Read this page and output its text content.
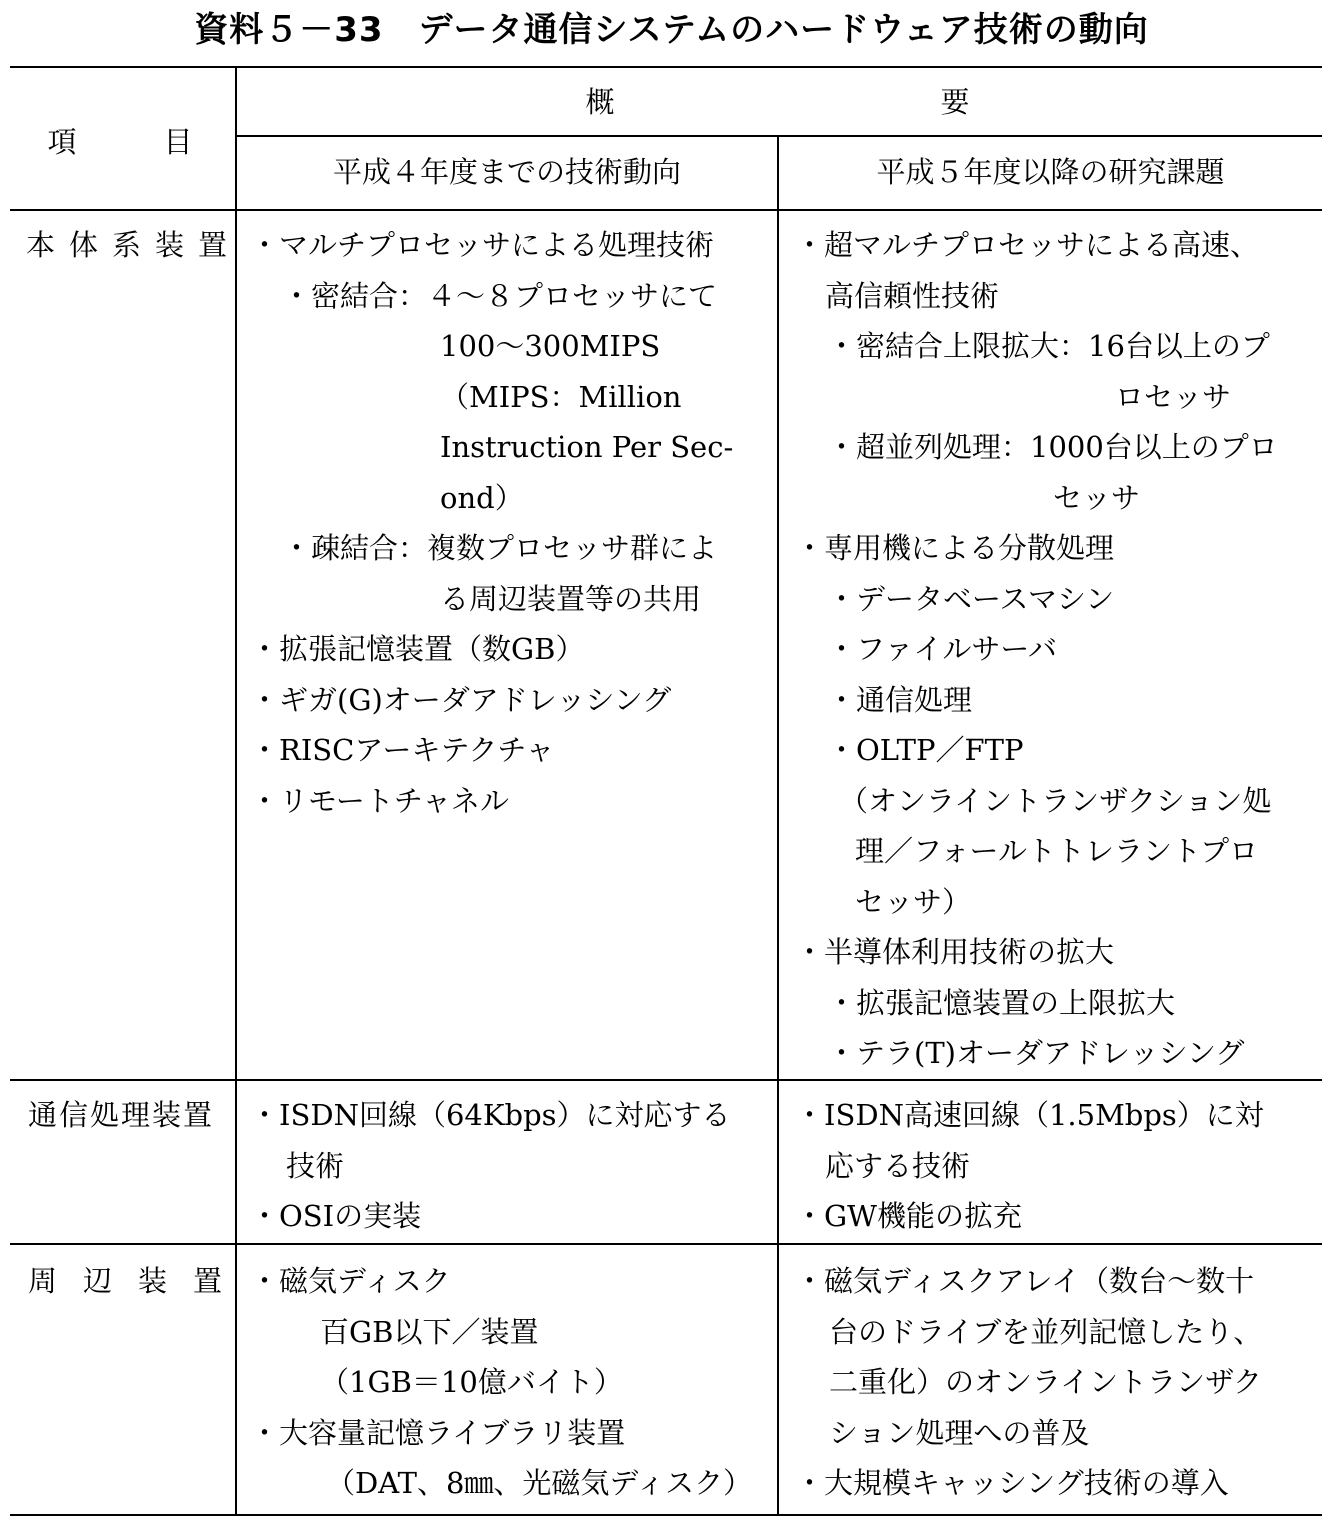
資料５－33　データ通信システムのハードウェア技術の動向
項　　　目
概	要
平成４年度までの技術動向	平成５年度以降の研究課題
本体系装置 ・マルチプロセッサによる処理技術
・密結合：４～８プロセッサにて
100～300MIPS
（MIPS：Million
Instruction Per Sec-
ond）
・疎結合：複数プロセッサ群によ
る周辺装置等の共用
・拡張記憶装置（数GB）
・ギガ(G)オーダアドレッシング
・RISCアーキテクチャ
・リモートチャネル
・超マルチプロセッサによる高速、
高信頼性技術
・密結合上限拡大：16台以上のプ
ロセッサ
・超並列処理：1000台以上のプロ
セッサ
・専用機による分散処理
・データベースマシン
・ファイルサーバ
・通信処理
・OLTP／FTP
（オンライントランザクション処
理／フォールトトレラントプロ
セッサ）
・半導体利用技術の拡大
・拡張記憶装置の上限拡大
・テラ(T)オーダアドレッシング
通信処理装置 ・ISDN回線（64Kbps）に対応する
技術
・OSIの実装
・ISDN高速回線（1.5Mbps）に対
応する技術
・GW機能の拡充
周辺装置 ・磁気ディスク
百GB以下／装置
（1GB＝10億バイト）
・大容量記憶ライブラリ装置
（DAT、8㎜、光磁気ディスク）
・磁気ディスクアレイ（数台～数十
台のドライブを並列記憶したり、
二重化）のオンライントランザク
ション処理への普及
・大規模キャッシング技術の導入
